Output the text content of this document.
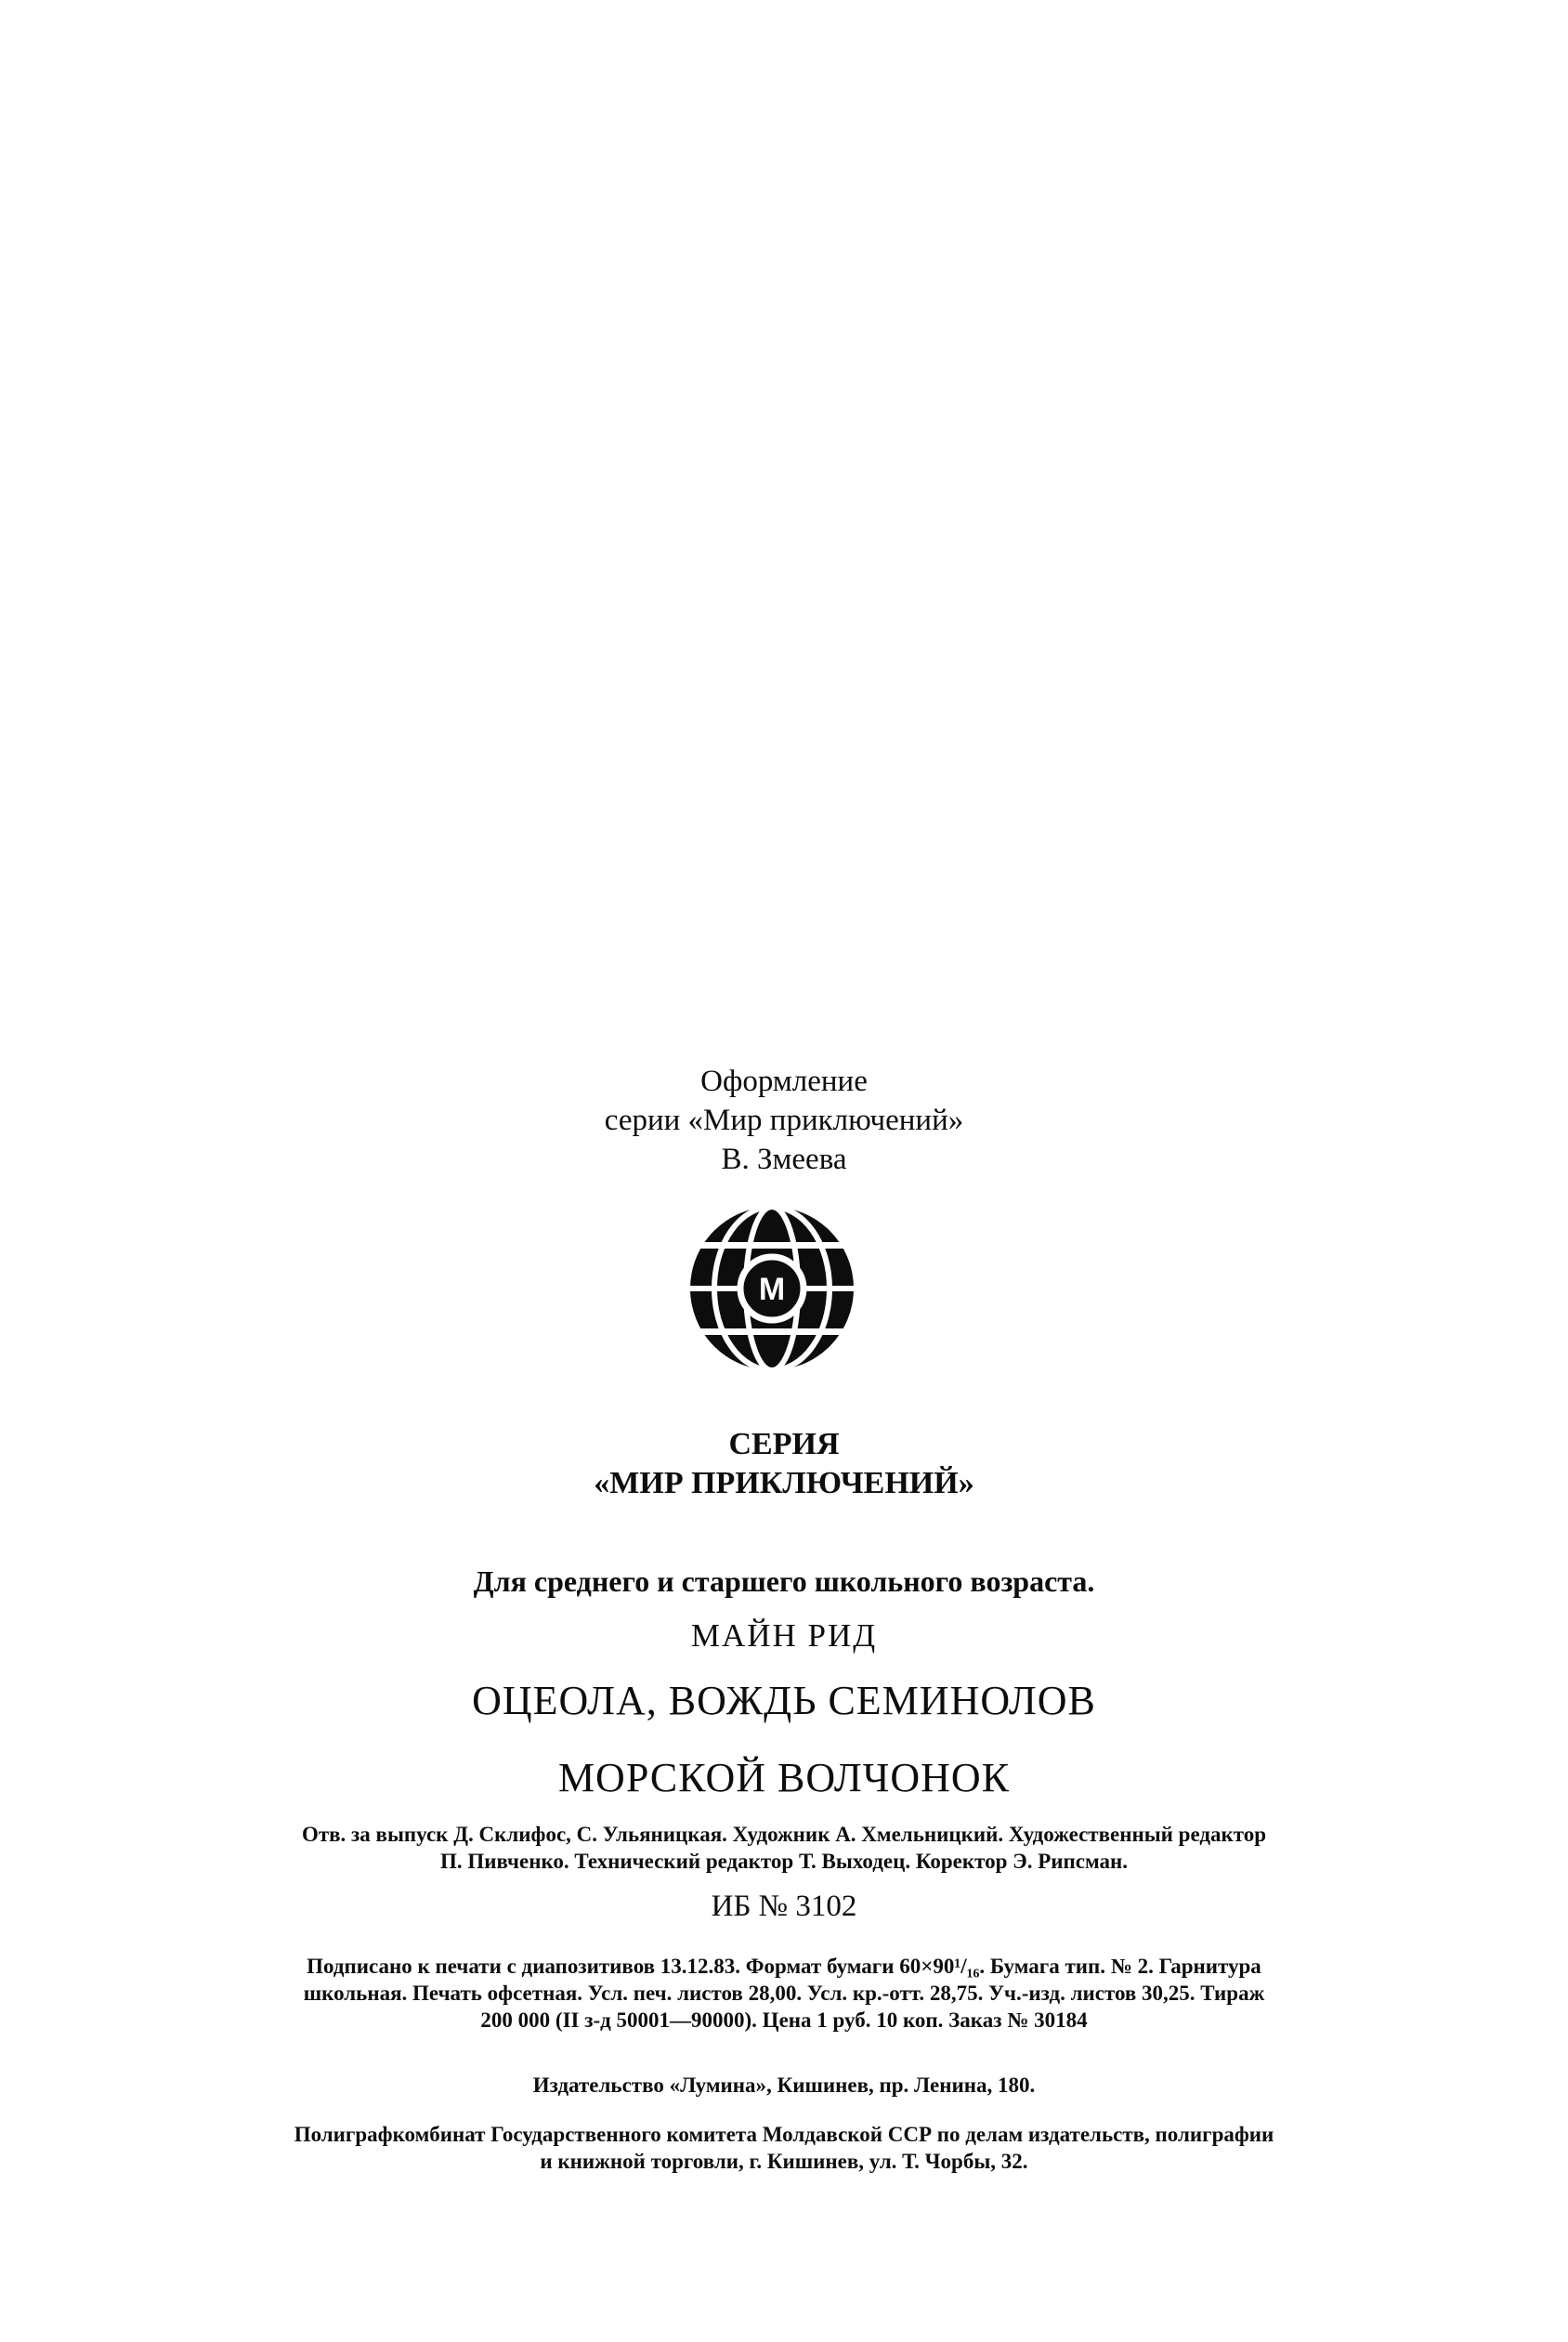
Оформление
серии «Мир приключений»
В. Змеева
М
СЕРИЯ
«МИР ПРИКЛЮЧЕНИЙ»
Для среднего и старшего школьного возраста.
МАЙН РИД
ОЦЕОЛА, ВОЖДЬ СЕМИНОЛОВ
МОРСКОЙ ВОЛЧОНОК
Отв. за выпуск Д. Склифос, С. Ульяницкая. Художник А. Хмельницкий. Художественный редактор
П. Пивченко. Технический редактор Т. Выходец. Коректор Э. Рипсман.
ИБ № 3102
Подписано к печати с диапозитивов 13.12.83. Формат бумаги 60×90¹/₁₆. Бумага тип. № 2. Гарнитура
школьная. Печать офсетная. Усл. печ. листов 28,00. Усл. кр.-отт. 28,75. Уч.-изд. листов 30,25. Тираж
200 000 (II з-д 50001—90000). Цена 1 руб. 10 коп. Заказ № 30184
Издательство «Лумина», Кишинев, пр. Ленина, 180.
Полиграфкомбинат Государственного комитета Молдавской ССР по делам издательств, полиграфии
и книжной торговли, г. Кишинев, ул. Т. Чорбы, 32.
